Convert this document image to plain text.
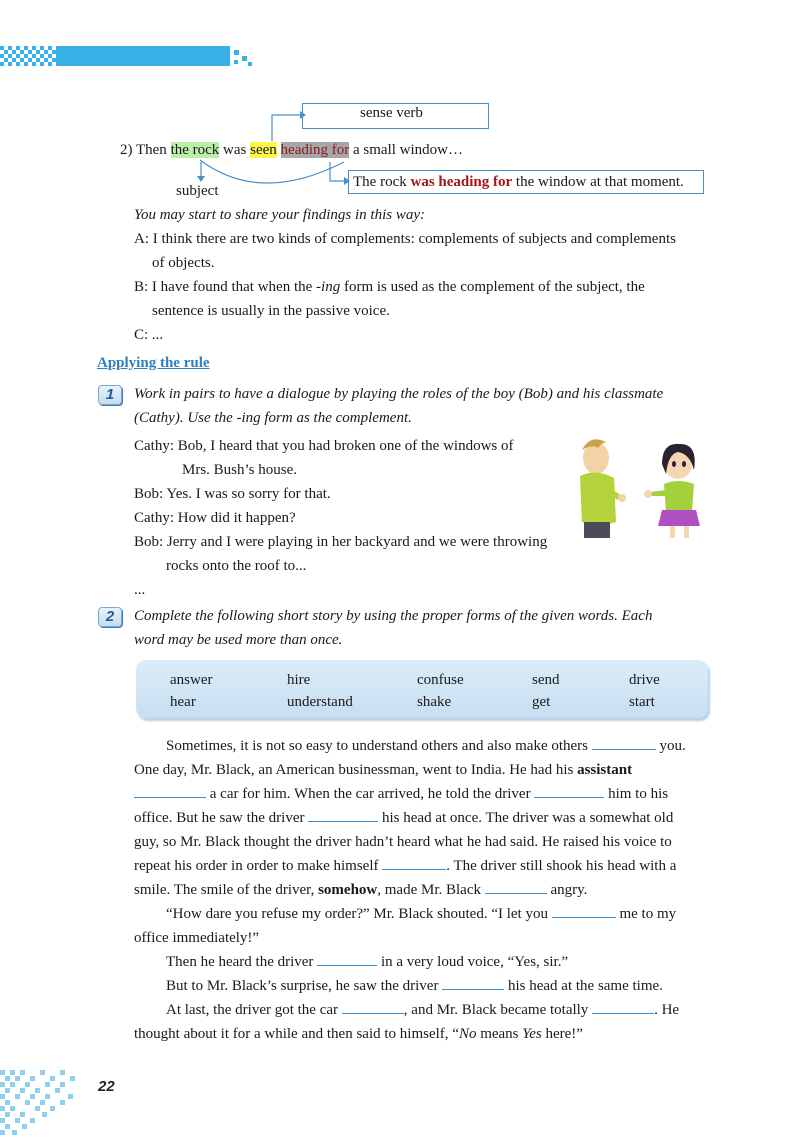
sense verb
2) Then the rock was seen heading for a small window…
subject
The rock was heading for the window at that moment.
You may start to share your findings in this way:
A: I think there are two kinds of complements: complements of subjects and complements
of objects.
B: I have found that when the -ing form is used as the complement of the subject, the
sentence is usually in the passive voice.
C: ...
Applying the rule
1	Work in pairs to have a dialogue by playing the roles of the boy (Bob) and his classmate
(Cathy). Use the -ing form as the complement.
Cathy: Bob, I heard that you had broken one of the windows of
Mrs. Bush’s house.
Bob: Yes. I was so sorry for that.
Cathy: How did it happen?
Bob: Jerry and I were playing in her backyard and we were throwing
rocks onto the roof to...
...
2	Complete the following short story by using the proper forms of the given words. Each
word may be used more than once.
answer	hire	confuse	send	drive
hear	understand	shake	get	start
Sometimes, it is not so easy to understand others and also make others	you.
One day, Mr. Black, an American businessman, went to India. He had his assistant
a car for him. When the car arrived, he told the driver	him to his
office. But he saw the driver	his head at once. The driver was a somewhat old
guy, so Mr. Black thought the driver hadn’t heard what he had said. He raised his voice to
repeat his order in order to make himself	. The driver still shook his head with a
smile. The smile of the driver, somehow, made Mr. Black	angry.
“How dare you refuse my order?” Mr. Black shouted. “I let you	me to my
office immediately!”
Then he heard the driver	in a very loud voice, “Yes, sir.”
But to Mr. Black’s surprise, he saw the driver	his head at the same time.
At last, the driver got the car	, and Mr. Black became totally	. He
thought about it for a while and then said to himself, “No means Yes here!”
22
